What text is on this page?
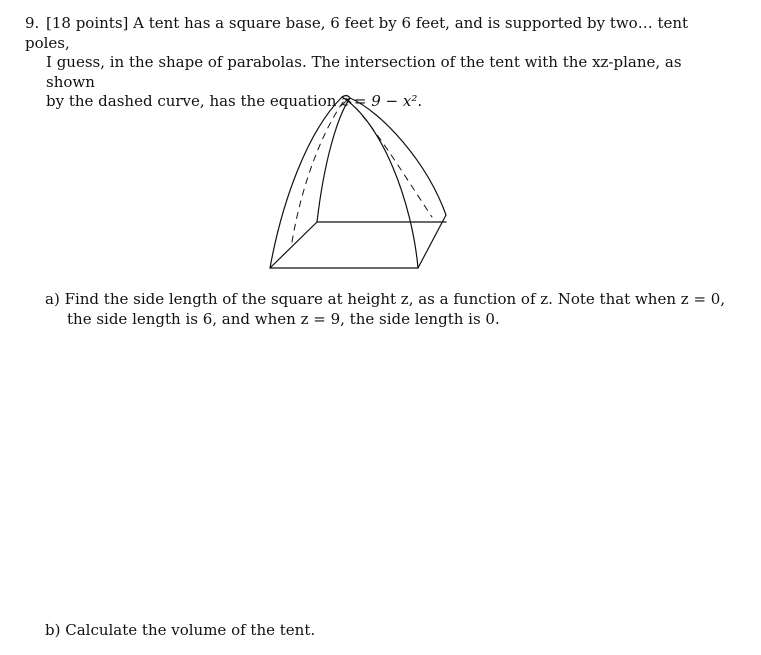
9. [18 points] A tent has a square base, 6 feet by 6 feet, and is supported by two… tent poles,
I guess, in the shape of parabolas. The intersection of the tent with the xz-plane, as shown
by the dashed curve, has the equation z = 9 − x².
a) Find the side length of the square at height z, as a function of z. Note that when z = 0,
the side length is 6, and when z = 9, the side length is 0.
b) Calculate the volume of the tent.
